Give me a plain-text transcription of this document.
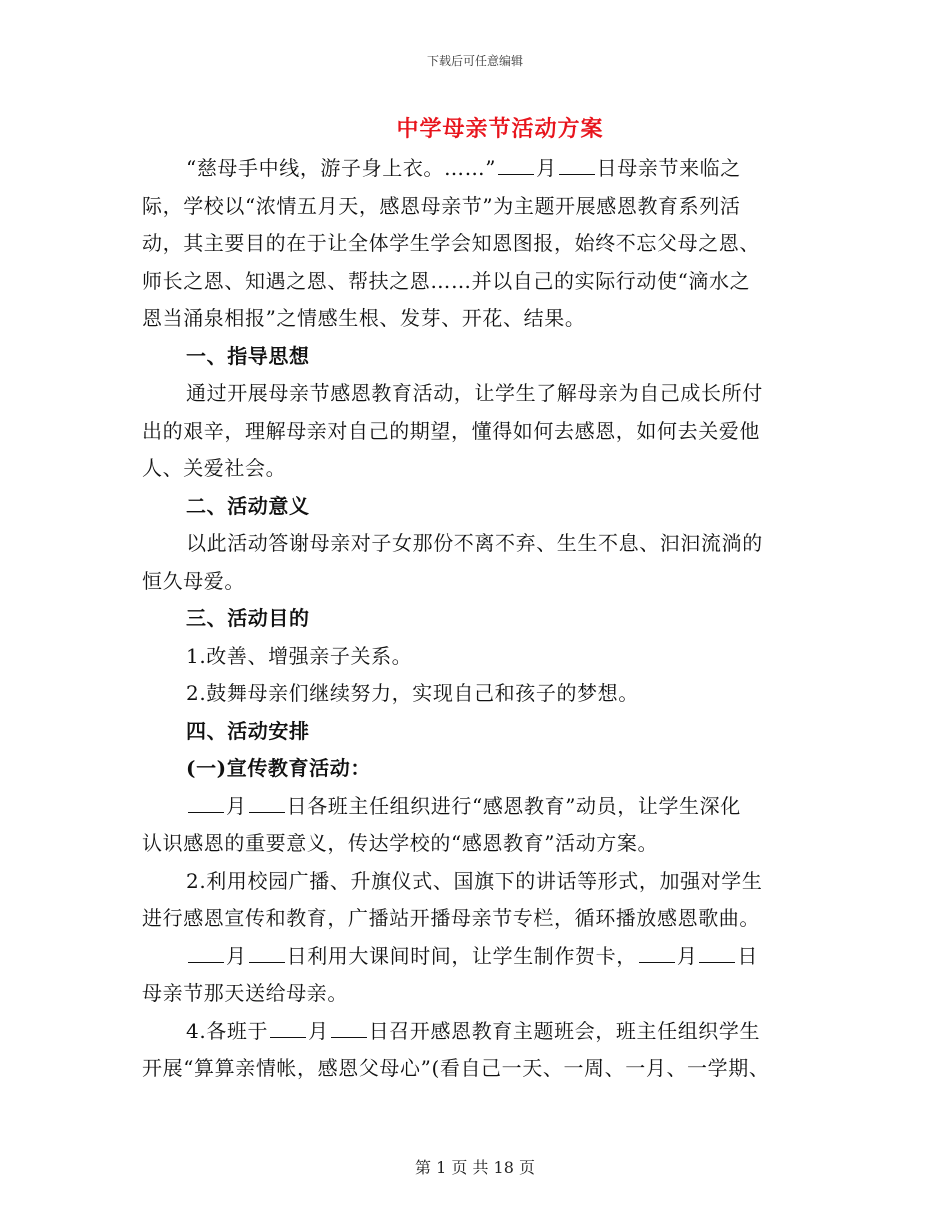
下载后可任意编辑
中学母亲节活动方案
“慈母手中线，游子身上衣。……” 月 日母亲节来临之
际，学校以“浓情五月天，感恩母亲节”为主题开展感恩教育系列活
动，其主要目的在于让全体学生学会知恩图报，始终不忘父母之恩、
师长之恩、知遇之恩、帮扶之恩……并以自己的实际行动使“滴水之
恩当涌泉相报”之情感生根、发芽、开花、结果。
一、指导思想
通过开展母亲节感恩教育活动，让学生了解母亲为自己成长所付
出的艰辛，理解母亲对自己的期望，懂得如何去感恩，如何去关爱他
人、关爱社会。
二、活动意义
以此活动答谢母亲对子女那份不离不弃、生生不息、汩汩流淌的
恒久母爱。
三、活动目的
1.改善、增强亲子关系。
2.鼓舞母亲们继续努力，实现自己和孩子的梦想。
四、活动安排
(一)宣传教育活动：
月 日各班主任组织进行“感恩教育”动员，让学生深化
认识感恩的重要意义，传达学校的“感恩教育”活动方案。
2.利用校园广播、升旗仪式、国旗下的讲话等形式，加强对学生
进行感恩宣传和教育，广播站开播母亲节专栏，循环播放感恩歌曲。
月 日利用大课间时间，让学生制作贺卡， 月 日
母亲节那天送给母亲。
4.各班于 月 日召开感恩教育主题班会，班主任组织学生
开展“算算亲情帐，感恩父母心”(看自己一天、一周、一月、一学期、
第 1 页 共 18 页
